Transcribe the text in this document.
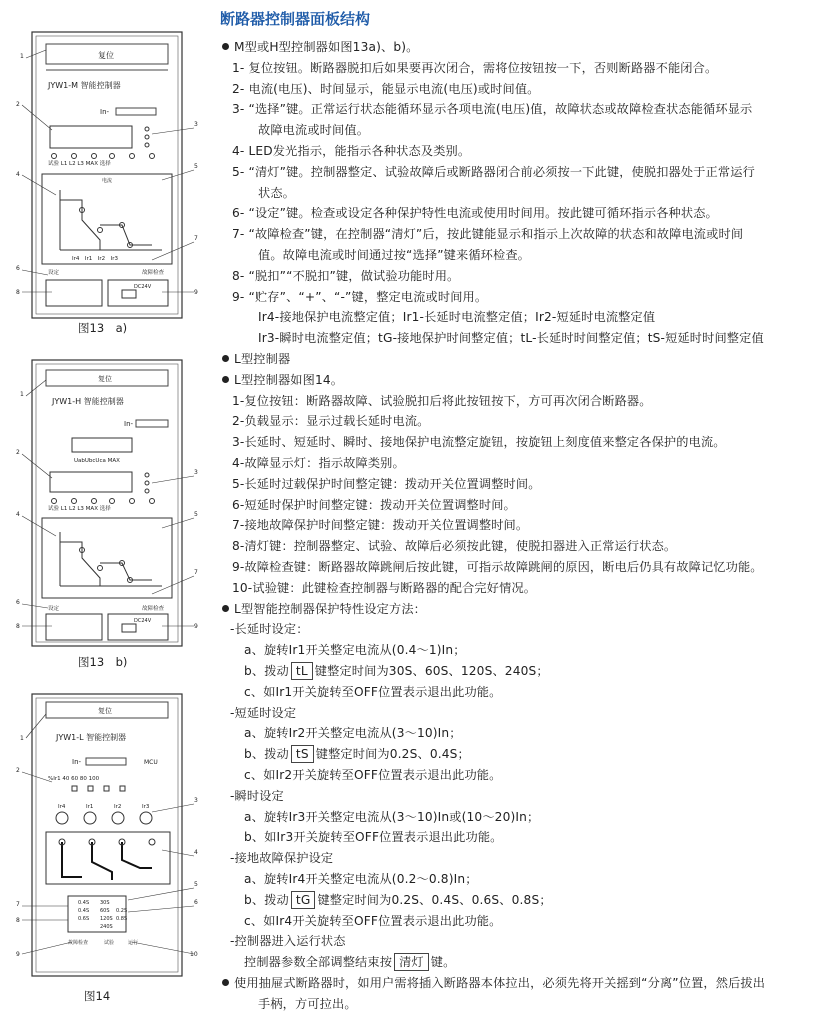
复位
JYW1-M 智能控制器
In-
试验 L1 L2 L3 MAX 选择
电流
Ir4　Ir1　Ir2　Ir3
设定	故障检查
DC24V
1
2
3
4
5
6
7
8	9
图13　a)
复位
JYW1-H 智能控制器
In-
UabUbcUca MAX
试验 L1 L2 L3 MAX 选择
设定	故障检查
DC24V
1
2
3
4	5
6
7
8	9
图13　b)
复位
JYW1-L 智能控制器
In-	MCU
%Ir1 40 60 80 100
Ir4	Ir1	Ir2	Ir3
0.4S
0.4S
30S
0.2S
60S
0.6S 120S 0.8S
240S
故障检查	试验	运行
1
2
3
4
5
6
7
8
9	10
图14
断路器控制器面板结构
M型或H型控制器如图13a)、b)。
1- 复位按钮。断路器脱扣后如果要再次闭合，需将位按钮按一下，否则断路器不能闭合。
2- 电流(电压)、时间显示，能显示电流(电压)或时间值。
3- “选择”键。正常运行状态能循环显示各项电流(电压)值，故障状态或故障检查状态能循环显示
故障电流或时间值。
4- LED发光指示，能指示各种状态及类别。
5- “清灯”键。控制器整定、试验故障后或断路器闭合前必须按一下此键，使脱扣器处于正常运行
状态。
6- “设定”键。检查或设定各种保护特性电流或使用时间用。按此键可循环指示各种状态。
7- “故障检查”键，在控制器“清灯”后，按此键能显示和指示上次故障的状态和故障电流或时间
值。故障电流或时间通过按“选择”键来循环检查。
8- “脱扣”“不脱扣”键，做试验功能时用。
9- “贮存”、“+”、“-”键，整定电流或时间用。
Ir4-接地保护电流整定值；Ir1-长延时电流整定值；Ir2-短延时电流整定值
Ir3-瞬时电流整定值；tG-接地保护时间整定值；tL-长延时时间整定值；tS-短延时时间整定值
L型控制器
L型控制器如图14。
1-复位按钮：断路器故障、试验脱扣后将此按钮按下，方可再次闭合断路器。
2-负载显示：显示过载长延时电流。
3-长延时、短延时、瞬时、接地保护电流整定旋钮，按旋钮上刻度值来整定各保护的电流。
4-故障显示灯：指示故障类别。
5-长延时过载保护时间整定键：拨动开关位置调整时间。
6-短延时保护时间整定键：拨动开关位置调整时间。
7-接地故障保护时间整定键：拨动开关位置调整时间。
8-清灯键：控制器整定、试验、故障后必须按此键，使脱扣器进入正常运行状态。
9-故障检查键：断路器故障跳闸后按此键，可指示故障跳闸的原因，断电后仍具有故障记忆功能。
10-试验键：此键检查控制器与断路器的配合完好情况。
L型智能控制器保护特性设定方法：
-长延时设定：
a、旋转Ir1开关整定电流从(0.4～1)In；
b、拨动 tL 键整定时间为30S、60S、120S、240S；
c、如Ir1开关旋转至OFF位置表示退出此功能。
-短延时设定
a、旋转Ir2开关整定电流从(3～10)In；
b、拨动 tS 键整定时间为0.2S、0.4S；
c、如Ir2开关旋转至OFF位置表示退出此功能。
-瞬时设定
a、旋转Ir3开关整定电流从(3～10)In或(10～20)In；
b、如Ir3开关旋转至OFF位置表示退出此功能。
-接地故障保护设定
a、旋转Ir4开关整定电流从(0.2～0.8)In；
b、拨动 tG 键整定时间为0.2S、0.4S、0.6S、0.8S；
c、如Ir4开关旋转至OFF位置表示退出此功能。
-控制器进入运行状态
控制器参数全部调整结束按 清灯 键。
使用抽屉式断路器时，如用户需将插入断路器本体拉出，必须先将开关摇到“分离”位置，然后拔出
手柄，方可拉出。
